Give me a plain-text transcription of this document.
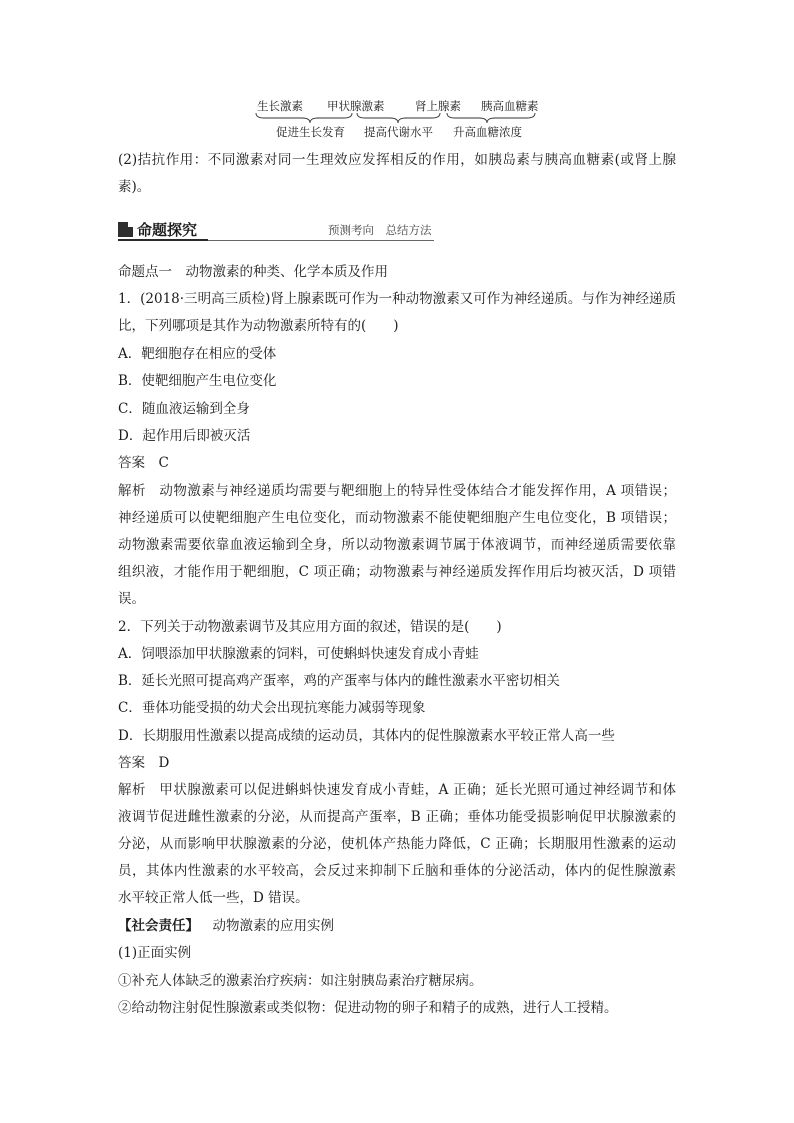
生长激素 甲状腺激素	肾上腺素 胰高血糖素
促进生长发育 提高代谢水平 升高血糖浓度
(2)拮抗作用：不同激素对同一生理效应发挥相反的作用，如胰岛素与胰高血糖素(或肾上腺
素)。
命题探究	预测考向　总结方法
命题点一 动物激素的种类、化学本质及作用
1．(2018·三明高三质检)肾上腺素既可作为一种动物激素又可作为神经递质。与作为神经递质
比，下列哪项是其作为动物激素所特有的(　　)
A．靶细胞存在相应的受体
B．使靶细胞产生电位变化
C．随血液运输到全身
D．起作用后即被灭活
答案 C
解析 动物激素与神经递质均需要与靶细胞上的特异性受体结合才能发挥作用，A 项错误；
神经递质可以使靶细胞产生电位变化，而动物激素不能使靶细胞产生电位变化，B 项错误；
动物激素需要依靠血液运输到全身，所以动物激素调节属于体液调节，而神经递质需要依靠
组织液，才能作用于靶细胞，C 项正确；动物激素与神经递质发挥作用后均被灭活，D 项错
误。
2．下列关于动物激素调节及其应用方面的叙述，错误的是(　　)
A．饲喂添加甲状腺激素的饲料，可使蝌蚪快速发育成小青蛙
B．延长光照可提高鸡产蛋率，鸡的产蛋率与体内的雌性激素水平密切相关
C．垂体功能受损的幼犬会出现抗寒能力减弱等现象
D．长期服用性激素以提高成绩的运动员，其体内的促性腺激素水平较正常人高一些
答案 D
解析 甲状腺激素可以促进蝌蚪快速发育成小青蛙，A 正确；延长光照可通过神经调节和体
液调节促进雌性激素的分泌，从而提高产蛋率，B 正确；垂体功能受损影响促甲状腺激素的
分泌，从而影响甲状腺激素的分泌，使机体产热能力降低，C 正确；长期服用性激素的运动
员，其体内性激素的水平较高，会反过来抑制下丘脑和垂体的分泌活动，体内的促性腺激素
水平较正常人低一些，D 错误。
【社会责任】 动物激素的应用实例
(1)正面实例
①补充人体缺乏的激素治疗疾病：如注射胰岛素治疗糖尿病。
②给动物注射促性腺激素或类似物：促进动物的卵子和精子的成熟，进行人工授精。
